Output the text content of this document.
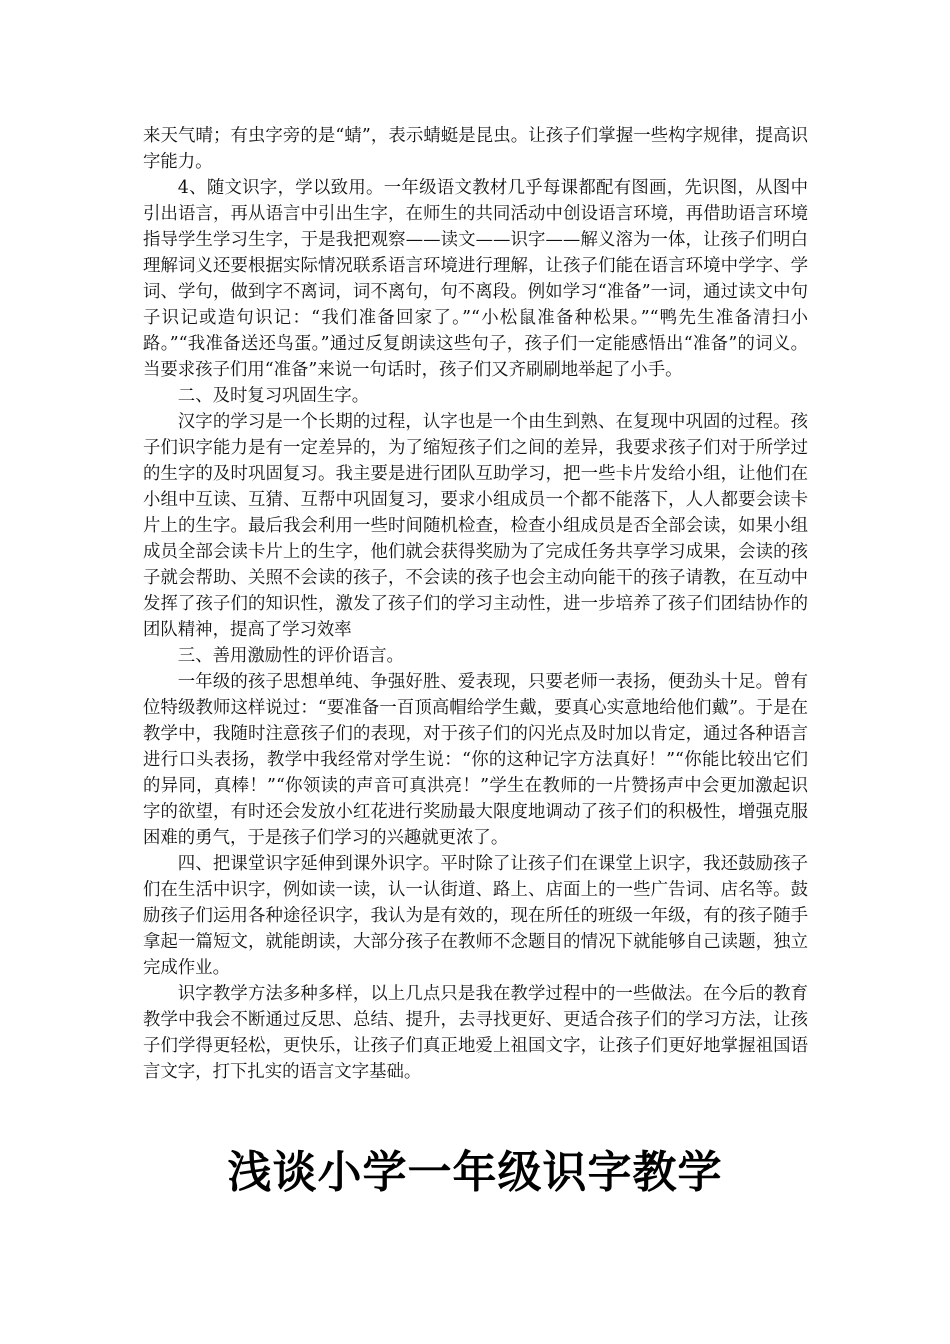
来天气晴；有虫字旁的是“蜻”，表示蜻蜓是昆虫。让孩子们掌握一些构字规律，提高识字能力。

4、随文识字，学以致用。一年级语文教材几乎每课都配有图画，先识图，从图中引出语言，再从语言中引出生字，在师生的共同活动中创设语言环境，再借助语言环境指导学生学习生字，于是我把观察——读文——识字——解义溶为一体，让孩子们明白理解词义还要根据实际情况联系语言环境进行理解，让孩子们能在语言环境中学字、学词、学句，做到字不离词，词不离句，句不离段。例如学习“准备”一词，通过读文中句子识记或造句识记：“我们准备回家了。”“小松鼠准备种松果。”“鸭先生准备清扫小路。”“我准备送还鸟蛋。”通过反复朗读这些句子，孩子们一定能感悟出“准备”的词义。当要求孩子们用“准备”来说一句话时，孩子们又齐刷刷地举起了小手。

二、及时复习巩固生字。

汉字的学习是一个长期的过程，认字也是一个由生到熟、在复现中巩固的过程。孩子们识字能力是有一定差异的，为了缩短孩子们之间的差异，我要求孩子们对于所学过的生字的及时巩固复习。我主要是进行团队互助学习，把一些卡片发给小组，让他们在小组中互读、互猜、互帮中巩固复习，要求小组成员一个都不能落下，人人都要会读卡片上的生字。最后我会利用一些时间随机检查，检查小组成员是否全部会读，如果小组成员全部会读卡片上的生字，他们就会获得奖励为了完成任务共享学习成果，会读的孩子就会帮助、关照不会读的孩子，不会读的孩子也会主动向能干的孩子请教，在互动中发挥了孩子们的知识性，激发了孩子们的学习主动性，进一步培养了孩子们团结协作的团队精神，提高了学习效率

三、善用激励性的评价语言。

一年级的孩子思想单纯、争强好胜、爱表现，只要老师一表扬，便劲头十足。曾有位特级教师这样说过：“要准备一百顶高帽给学生戴，要真心实意地给他们戴”。于是在教学中，我随时注意孩子们的表现，对于孩子们的闪光点及时加以肯定，通过各种语言进行口头表扬，教学中我经常对学生说：“你的这种记字方法真好！”“你能比较出它们的异同，真棒！”“你领读的声音可真洪亮！”学生在教师的一片赞扬声中会更加激起识字的欲望，有时还会发放小红花进行奖励最大限度地调动了孩子们的积极性，增强克服困难的勇气，于是孩子们学习的兴趣就更浓了。

四、把课堂识字延伸到课外识字。平时除了让孩子们在课堂上识字，我还鼓励孩子们在生活中识字，例如读一读，认一认街道、路上、店面上的一些广告词、店名等。鼓励孩子们运用各种途径识字，我认为是有效的，现在所任的班级一年级，有的孩子随手拿起一篇短文，就能朗读，大部分孩子在教师不念题目的情况下就能够自己读题，独立完成作业。

识字教学方法多种多样，以上几点只是我在教学过程中的一些做法。在今后的教育教学中我会不断通过反思、总结、提升，去寻找更好、更适合孩子们的学习方法，让孩子们学得更轻松，更快乐，让孩子们真正地爱上祖国文字，让孩子们更好地掌握祖国语言文字，打下扎实的语言文字基础。

浅谈小学一年级识字教学
